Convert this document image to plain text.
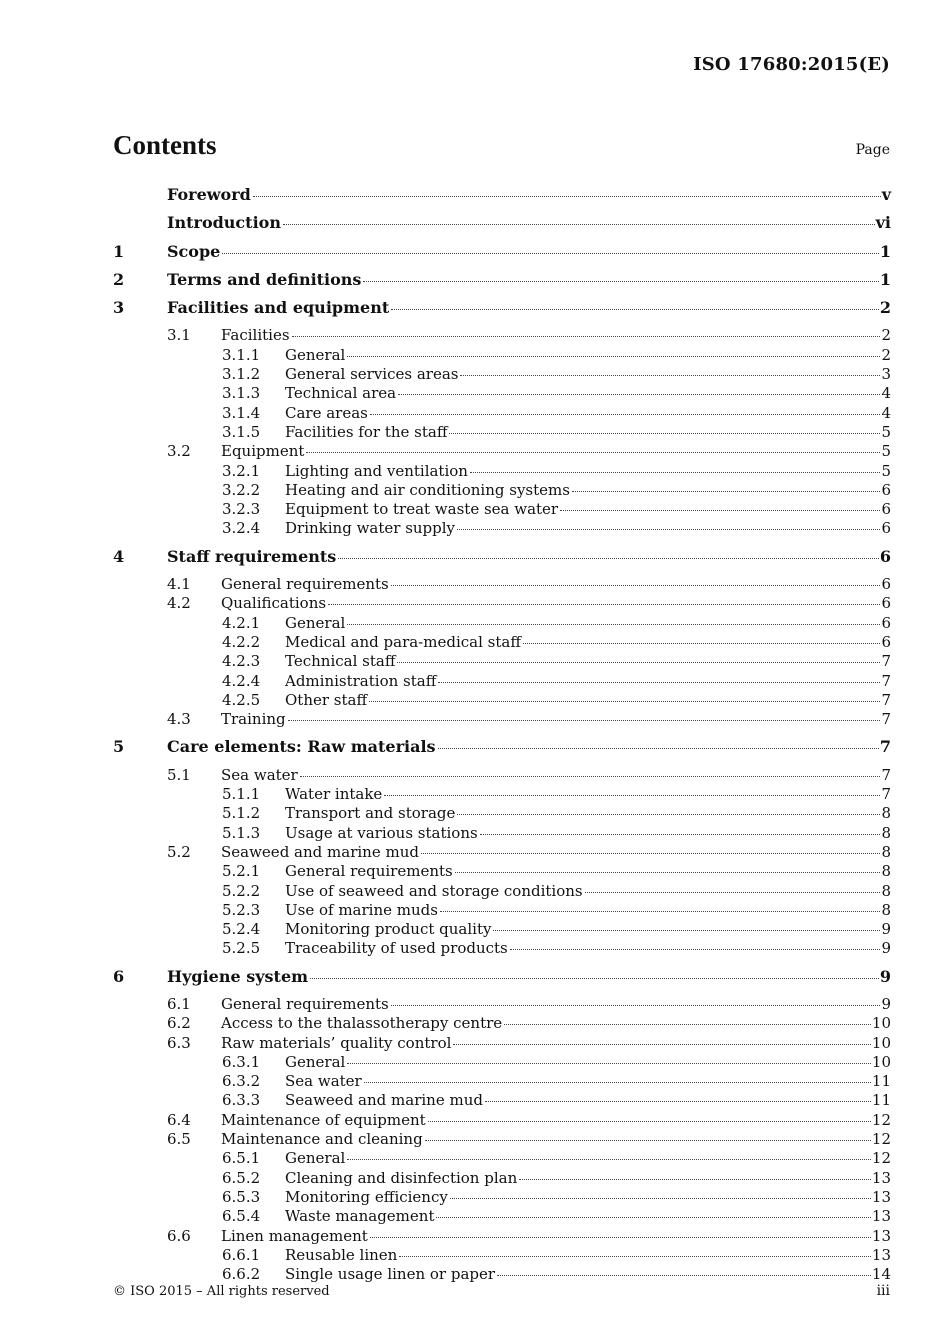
ISO 17680:2015(E)
Contents	Page
Foreword	v
Introduction	vi
1	Scope	1
2	Terms and definitions	1
3	Facilities and equipment	2
3.1	Facilities	2
3.1.1	General	2
3.1.2	General services areas	3
3.1.3	Technical area	4
3.1.4	Care areas	4
3.1.5	Facilities for the staff	5
3.2	Equipment	5
3.2.1	Lighting and ventilation	5
3.2.2	Heating and air conditioning systems	6
3.2.3	Equipment to treat waste sea water	6
3.2.4	Drinking water supply	6
4	Staff requirements	6
4.1	General requirements	6
4.2	Qualifications	6
4.2.1	General	6
4.2.2	Medical and para-medical staff	6
4.2.3	Technical staff	7
4.2.4	Administration staff	7
4.2.5	Other staff	7
4.3	Training	7
5	Care elements: Raw materials	7
5.1	Sea water	7
5.1.1	Water intake	7
5.1.2	Transport and storage	8
5.1.3	Usage at various stations	8
5.2	Seaweed and marine mud	8
5.2.1	General requirements	8
5.2.2	Use of seaweed and storage conditions	8
5.2.3	Use of marine muds	8
5.2.4	Monitoring product quality	9
5.2.5	Traceability of used products	9
6	Hygiene system	9
6.1	General requirements	9
6.2	Access to the thalassotherapy centre	10
6.3	Raw materials’ quality control	10
6.3.1	General	10
6.3.2	Sea water	11
6.3.3	Seaweed and marine mud	11
6.4	Maintenance of equipment	12
6.5	Maintenance and cleaning	12
6.5.1	General	12
6.5.2	Cleaning and disinfection plan	13
6.5.3	Monitoring efficiency	13
6.5.4	Waste management	13
6.6	Linen management	13
6.6.1	Reusable linen	13
6.6.2	Single usage linen or paper	14
© ISO 2015 – All rights reserved	iii
